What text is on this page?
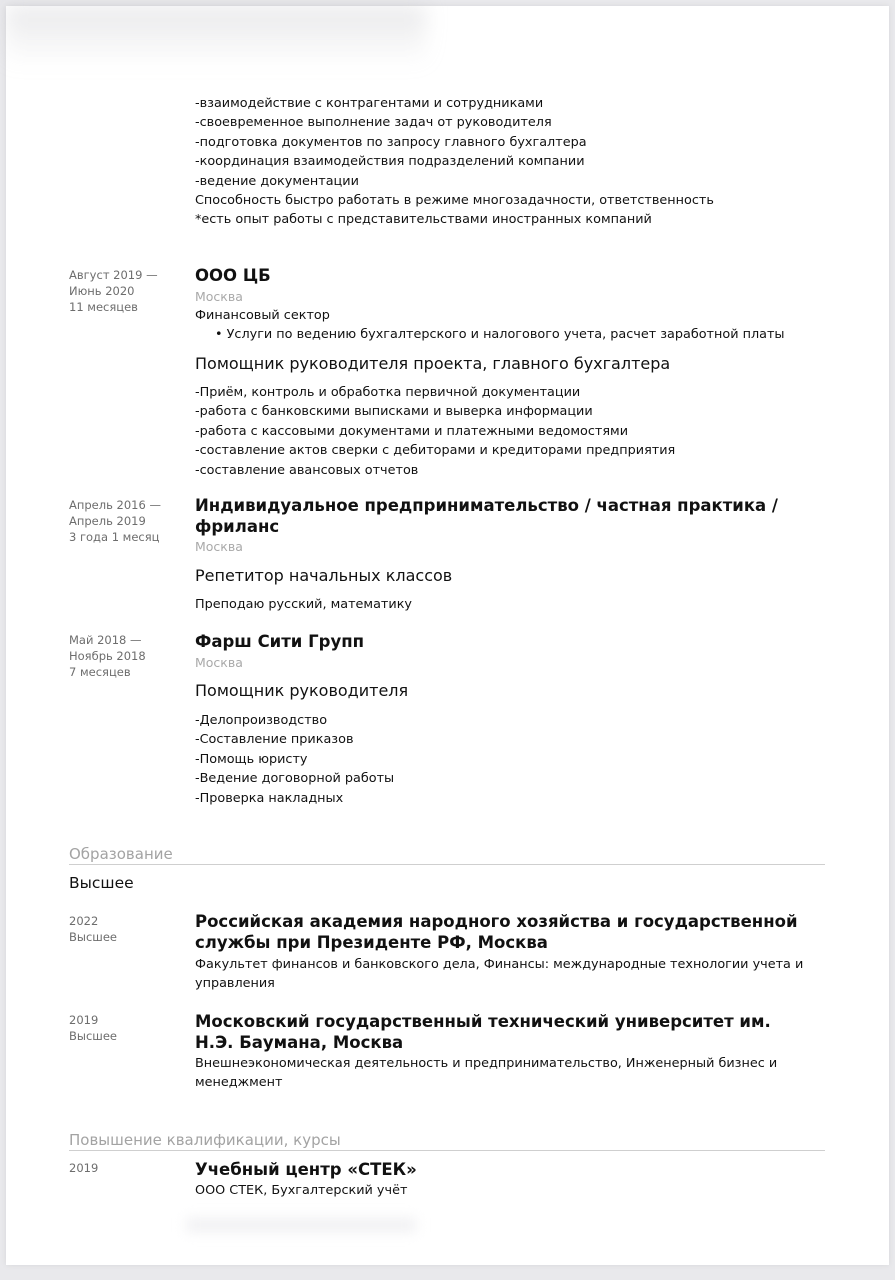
-взаимодействие с контрагентами и сотрудниками
-своевременное выполнение задач от руководителя
-подготовка документов по запросу главного бухгалтера
-координация взаимодействия подразделений компании
-ведение документации
Способность быстро работать в режиме многозадачности, ответственность
*есть опыт работы с представительствами иностранных компаний
Август 2019 —
Июнь 2020
11 месяцев
ООО ЦБ
Москва
Финансовый сектор
• Услуги по ведению бухгалтерского и налогового учета, расчет заработной платы
Помощник руководителя проекта, главного бухгалтера
-Приём, контроль и обработка первичной документации
-работа с банковскими выписками и выверка информации
-работа с кассовыми документами и платежными ведомостями
-составление актов сверки с дебиторами и кредиторами предприятия
-составление авансовых отчетов
Апрель 2016 —
Апрель 2019
3 года 1 месяц
Индивидуальное предпринимательство / частная практика / фриланс
Москва
Репетитор начальных классов
Преподаю русский, математику
Май 2018 —
Ноябрь 2018
7 месяцев
Фарш Сити Групп
Москва
Помощник руководителя
-Делопроизводство
-Составление приказов
-Помощь юристу
-Ведение договорной работы
-Проверка накладных
Образование
Высшее
2022
Высшее
Российская академия народного хозяйства и государственной службы при Президенте РФ, Москва
Факультет финансов и банковского дела, Финансы: международные технологии учета и управления
2019
Высшее
Московский государственный технический университет им. Н.Э. Баумана, Москва
Внешнеэкономическая деятельность и предпринимательство, Инженерный бизнес и менеджмент
Повышение квалификации, курсы
2019	Учебный центр «СТЕК»
ООО СТЕК, Бухгалтерский учёт
